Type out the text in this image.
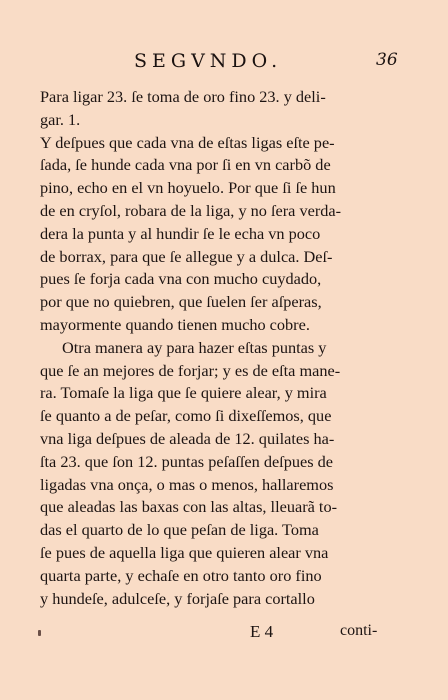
SEGVNDO.	36
Para ligar 23. ſe toma de oro fino 23. y deli-
gar. 1.
Y deſpues que cada vna de eſtas ligas eſte pe-
ſada, ſe hunde cada vna por ſi en vn carbõ de
pino, echo en el vn hoyuelo. Por que ſi ſe hun
de en cryſol, robara de la liga, y no ſera verda-
dera la punta y al hundir ſe le echa vn poco
de borrax, para que ſe allegue y a dulca. Deſ-
pues ſe forja cada vna con mucho cuydado,
por que no quiebren, que ſuelen ſer aſperas,
mayormente quando tienen mucho cobre.
Otra manera ay para hazer eſtas puntas y
que ſe an mejores de forjar; y es de eſta mane-
ra. Tomaſe la liga que ſe quiere alear, y mira
ſe quanto a de peſar, como ſi dixeſſemos, que
vna liga deſpues de aleada de 12. quilates ha-
ſta 23. que ſon 12. puntas peſaſſen deſpues de
ligadas vna onça, o mas o menos, hallaremos
que aleadas las baxas con las altas, lleuarã to-
das el quarto de lo que peſan de liga. Toma
ſe pues de aquella liga que quieren alear vna
quarta parte, y echaſe en otro tanto oro fino
y hundeſe, adulceſe, y forjaſe para cortallo
E 4	conti-
